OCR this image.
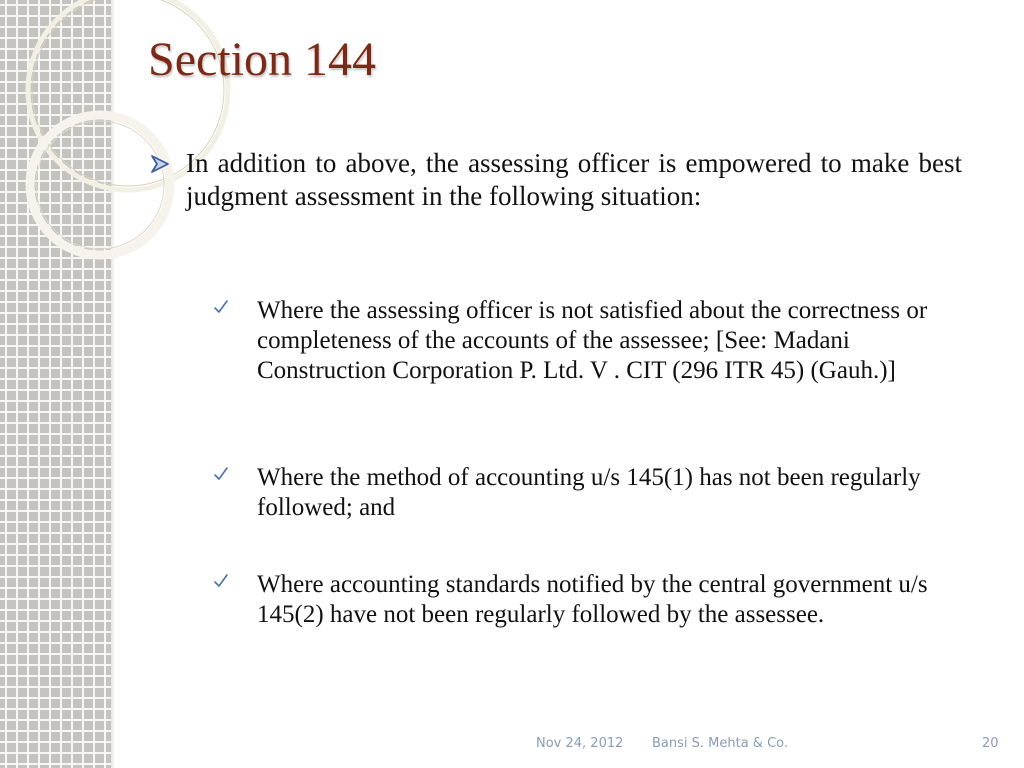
Section 144
In addition to above, the assessing officer is empowered to make best judgment assessment in the following situation:
Where the assessing officer is not satisfied about the correctness or completeness of the accounts of the assessee; [See: Madani Construction Corporation P. Ltd. V . CIT (296 ITR 45) (Gauh.)]
Where the method of accounting u/s 145(1) has not been regularly followed; and
Where accounting standards notified by the central government u/s 145(2) have not been regularly followed by the assessee.
Nov 24, 2012 Bansi S. Mehta & Co.	20
